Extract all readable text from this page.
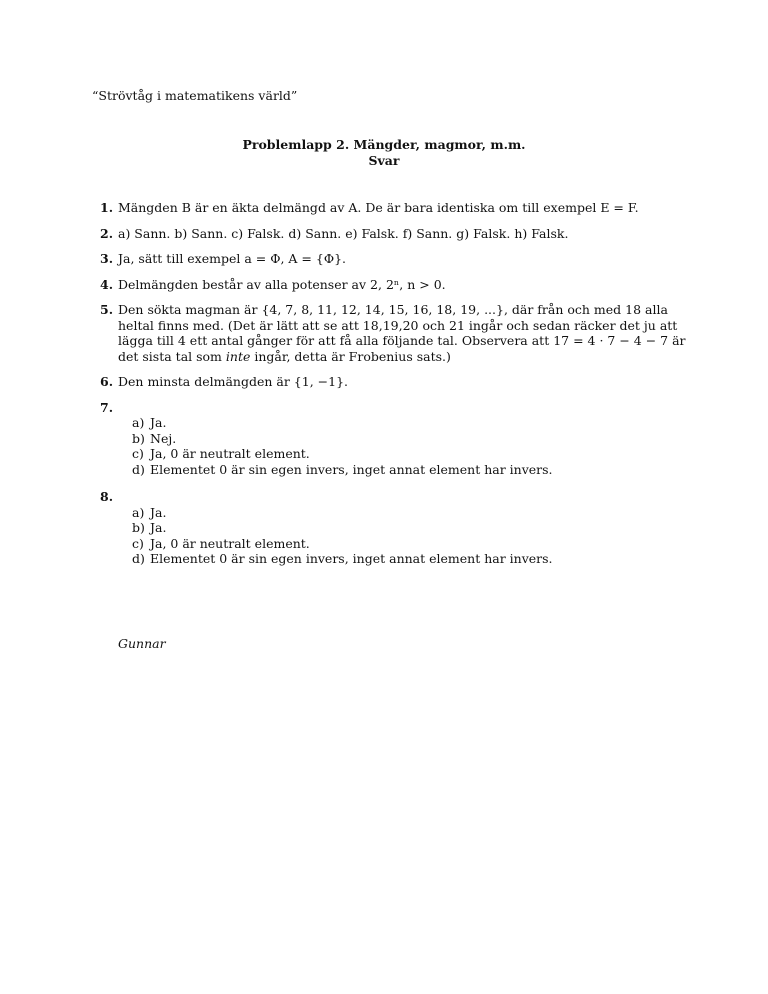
“Strövtåg i matematikens värld”
Problemlapp 2. Mängder, magmor, m.m.
Svar
1. Mängden B är en äkta delmängd av A. De är bara identiska om till exempel E = F.
2. a) Sann. b) Sann. c) Falsk. d) Sann. e) Falsk. f) Sann. g) Falsk. h) Falsk.
3. Ja, sätt till exempel a = Φ, A = {Φ}.
4. Delmängden består av alla potenser av 2, 2ⁿ, n > 0.
5. Den sökta magman är {4, 7, 8, 11, 12, 14, 15, 16, 18, 19, ...}, där från och med 18 alla heltal finns med. (Det är lätt att se att 18,19,20 och 21 ingår och sedan räcker det ju att lägga till 4 ett antal gånger för att få alla följande tal. Observera att 17 = 4 · 7 − 4 − 7 är det sista tal som inte ingår, detta är Frobenius sats.)
6. Den minsta delmängden är {1, −1}.
7.
a) Ja.
b) Nej.
c) Ja, 0 är neutralt element.
d) Elementet 0 är sin egen invers, inget annat element har invers.
8.
a) Ja.
b) Ja.
c) Ja, 0 är neutralt element.
d) Elementet 0 är sin egen invers, inget annat element har invers.
Gunnar
